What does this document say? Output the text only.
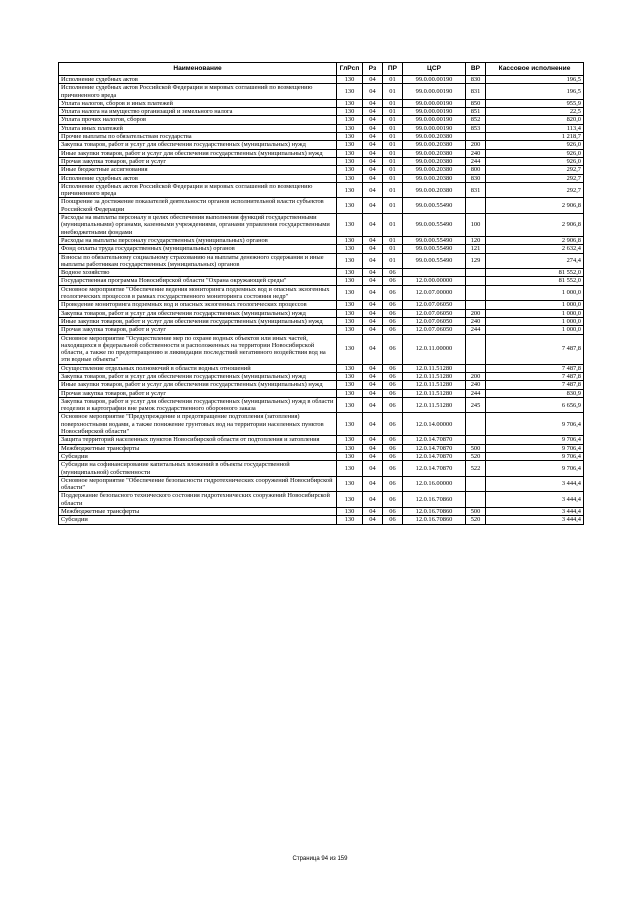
Наименование	ГлРсп	Рз	ПР	ЦСР	ВР	Кассовое исполнение
Исполнение судебных актов	130	04	01	99.0.00.00190	830	196,5
Исполнение судебных актов Российской Федерации и мировых соглашений по возмещению причиненного вреда	130	04	01	99.0.00.00190	831	196,5
Уплата налогов, сборов и иных платежей	130	04	01	99.0.00.00190	850	955,9
Уплата налога на имущество организаций и земельного налога	130	04	01	99.0.00.00190	851	22,5
Уплата прочих налогов, сборов	130	04	01	99.0.00.00190	852	820,0
Уплата иных платежей	130	04	01	99.0.00.00190	853	113,4
Прочие выплаты по обязательствам государства	130	04	01	99.0.00.20380		1 218,7
Закупка товаров, работ и услуг для обеспечения государственных (муниципальных) нужд	130	04	01	99.0.00.20380	200	926,0
Иные закупки товаров, работ и услуг для обеспечения государственных (муниципальных) нужд	130	04	01	99.0.00.20380	240	926,0
Прочая закупка товаров, работ и услуг	130	04	01	99.0.00.20380	244	926,0
Иные бюджетные ассигнования	130	04	01	99.0.00.20380	800	292,7
Исполнение судебных актов	130	04	01	99.0.00.20380	830	292,7
Исполнение судебных актов Российской Федерации и мировых соглашений по возмещению причиненного вреда	130	04	01	99.0.00.20380	831	292,7
Поощрение за достижение показателей деятельности органов исполнительной власти субъектов Российской Федерации	130	04	01	99.0.00.55490		2 906,8
Расходы на выплаты персоналу в целях обеспечения выполнения функций государственными (муниципальными) органами, казенными учреждениями, органами управления государственными внебюджетными фондами	130	04	01	99.0.00.55490	100	2 906,8
Расходы на выплаты персоналу государственных (муниципальных) органов	130	04	01	99.0.00.55490	120	2 906,8
Фонд оплаты труда государственных (муниципальных) органов	130	04	01	99.0.00.55490	121	2 632,4
Взносы по обязательному социальному страхованию на выплаты денежного содержания и иные выплаты работникам государственных (муниципальных) органов	130	04	01	99.0.00.55490	129	274,4
Водное хозяйство	130	04	06			81 552,0
Государственная программа Новосибирской области "Охрана окружающей среды"	130	04	06	12.0.00.00000		81 552,0
Основное мероприятие "Обеспечение ведения мониторинга подземных вод и опасных экзогенных геологических процессов в рамках государственного мониторинга состояния недр"	130	04	06	12.0.07.00000		1 000,0
Проведение мониторинга подземных вод и опасных экзогенных геологических процессов	130	04	06	12.0.07.06050		1 000,0
Закупка товаров, работ и услуг для обеспечения государственных (муниципальных) нужд	130	04	06	12.0.07.06050	200	1 000,0
Иные закупки товаров, работ и услуг для обеспечения государственных (муниципальных) нужд	130	04	06	12.0.07.06050	240	1 000,0
Прочая закупка товаров, работ и услуг	130	04	06	12.0.07.06050	244	1 000,0
Основное мероприятие "Осуществление мер по охране водных объектов или иных частей, находящихся в федеральной собственности и расположенных на территории Новосибирской области, а также по предотвращению и ликвидации последствий негативного воздействия вод на эти водные объекты"	130	04	06	12.0.11.00000		7 487,8
Осуществление отдельных полномочий в области водных отношений	130	04	06	12.0.11.51280		7 487,8
Закупка товаров, работ и услуг для обеспечения государственных (муниципальных) нужд	130	04	06	12.0.11.51280	200	7 487,8
Иные закупки товаров, работ и услуг для обеспечения государственных (муниципальных) нужд	130	04	06	12.0.11.51280	240	7 487,8
Прочая закупка товаров, работ и услуг	130	04	06	12.0.11.51280	244	830,9
Закупка товаров, работ и услуг для обеспечения государственных (муниципальных) нужд в области геодезии и картографии вне рамок государственного оборонного заказа	130	04	06	12.0.11.51280	245	6 656,9
Основное мероприятие "Предупреждение и предотвращение подтопления (затопления) поверхностными водами, а также понижение грунтовых вод на территории населенных пунктов Новосибирской области"	130	04	06	12.0.14.00000		9 706,4
Защита территорий населенных пунктов Новосибирской области от подтопления и затопления	130	04	06	12.0.14.70870		9 706,4
Межбюджетные трансферты	130	04	06	12.0.14.70870	500	9 706,4
Субсидии	130	04	06	12.0.14.70870	520	9 706,4
Субсидии на софинансирование капитальных вложений в объекты государственной (муниципальной) собственности	130	04	06	12.0.14.70870	522	9 706,4
Основное мероприятие "Обеспечение безопасности гидротехнических сооружений Новосибирской области"	130	04	06	12.0.16.00000		3 444,4
Поддержание безопасного технического состояния гидротехнических сооружений Новосибирской области	130	04	06	12.0.16.70860		3 444,4
Межбюджетные трансферты	130	04	06	12.0.16.70860	500	3 444,4
Субсидии	130	04	06	12.0.16.70860	520	3 444,4
Страница 94 из 159
